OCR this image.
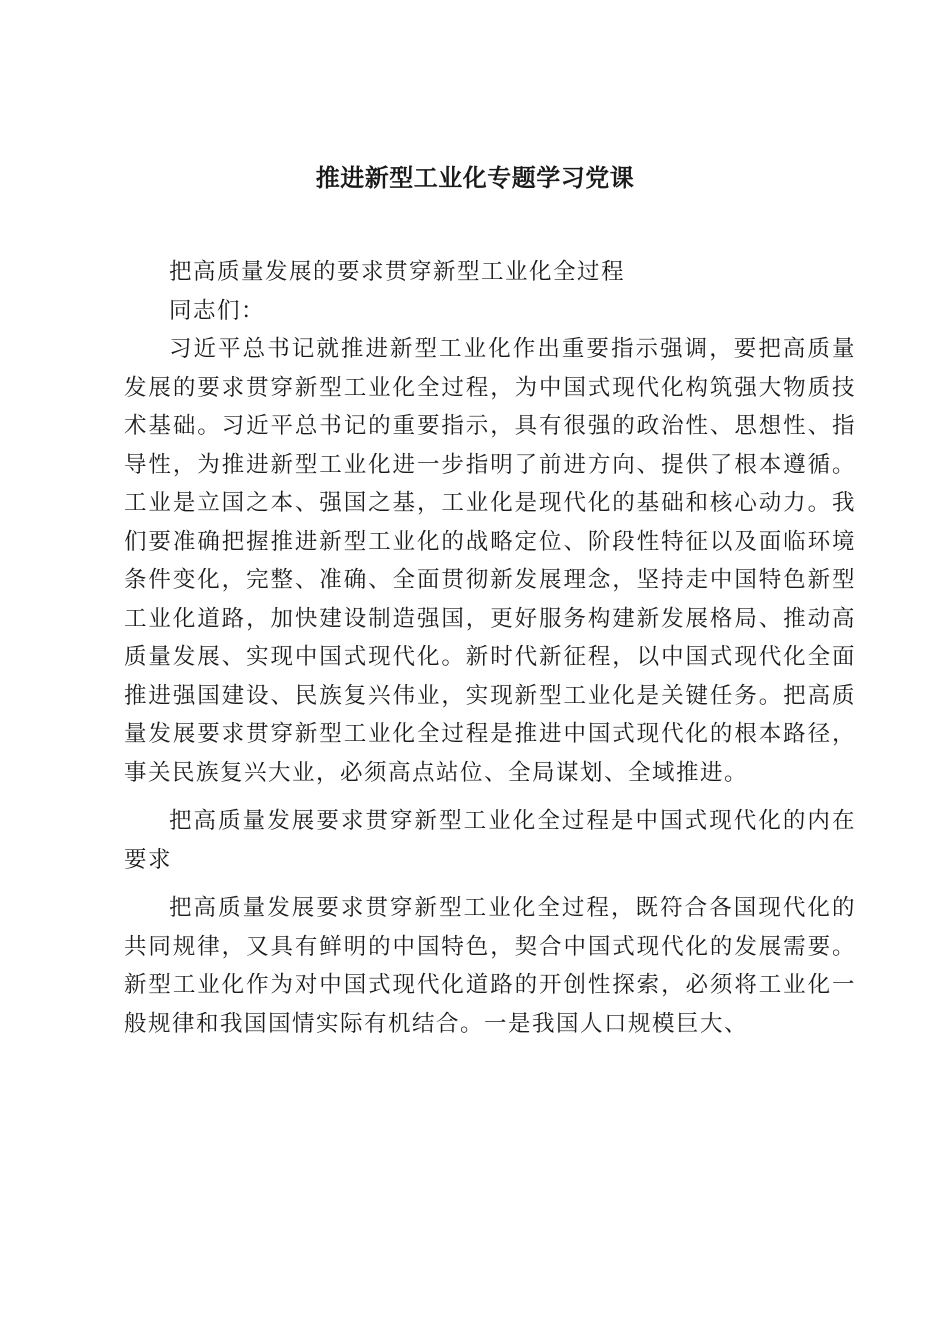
推进新型工业化专题学习党课

把高质量发展的要求贯穿新型工业化全过程

同志们：

习近平总书记就推进新型工业化作出重要指示强调，要把高质量发展的要求贯穿新型工业化全过程，为中国式现代化构筑强大物质技术基础。习近平总书记的重要指示，具有很强的政治性、思想性、指导性，为推进新型工业化进一步指明了前进方向、提供了根本遵循。工业是立国之本、强国之基，工业化是现代化的基础和核心动力。我们要准确把握推进新型工业化的战略定位、阶段性特征以及面临环境条件变化，完整、准确、全面贯彻新发展理念，坚持走中国特色新型工业化道路，加快建设制造强国，更好服务构建新发展格局、推动高质量发展、实现中国式现代化。新时代新征程，以中国式现代化全面推进强国建设、民族复兴伟业，实现新型工业化是关键任务。把高质量发展要求贯穿新型工业化全过程是推进中国式现代化的根本路径，事关民族复兴大业，必须高点站位、全局谋划、全域推进。

把高质量发展要求贯穿新型工业化全过程是中国式现代化的内在要求

把高质量发展要求贯穿新型工业化全过程，既符合各国现代化的共同规律，又具有鲜明的中国特色，契合中国式现代化的发展需要。新型工业化作为对中国式现代化道路的开创性探索，必须将工业化一般规律和我国国情实际有机结合。一是我国人口规模巨大、
